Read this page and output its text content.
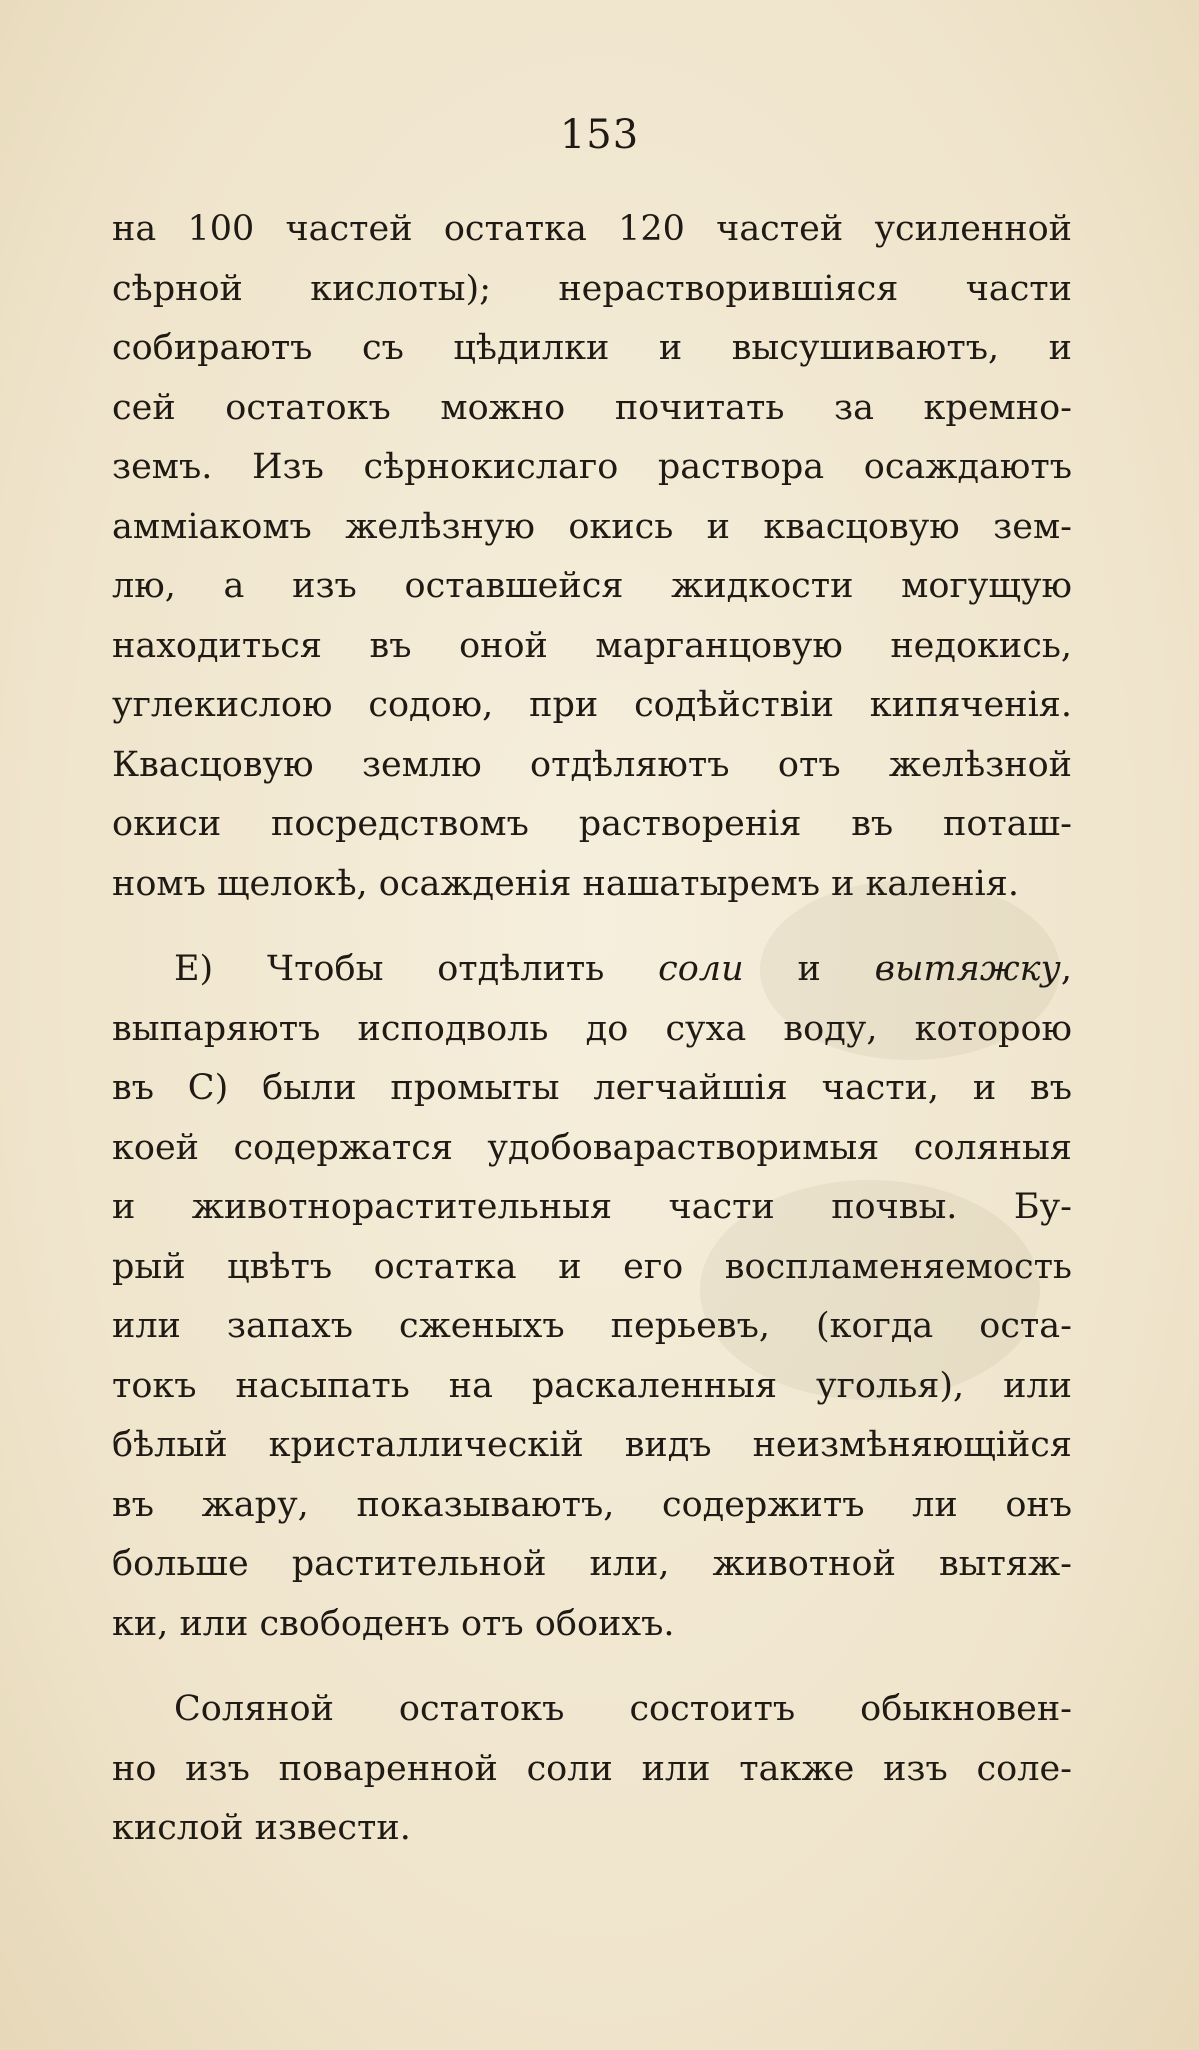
153
на 100 частей остатка 120 частей усиленной
сѣрной кислоты); нерастворившіяся части
собираютъ съ цѣдилки и высушиваютъ, и
сей остатокъ можно почитать за кремно-
земъ. Изъ сѣрнокислаго раствора осаждаютъ
амміакомъ желѣзную окись и квасцовую зем-
лю, а изъ оставшейся жидкости могущую
находиться въ оной марганцовую недокись,
углекислою содою, при содѣйствіи кипяченія.
Квасцовую землю отдѣляютъ отъ желѣзной
окиси посредствомъ растворенія въ поташ-
номъ щелокѣ, осажденія нашатыремъ и каленія.
E) Чтобы отдѣлить соли и вытяжку,
выпаряютъ исподволь до суха воду, которою
въ C) были промыты легчайшія части, и въ
коей содержатся удобоварастворимыя соляныя
и животнорастительныя части почвы. Бу-
рый цвѣтъ остатка и его воспламеняемость
или запахъ сженыхъ перьевъ, (когда оста-
токъ насыпать на раскаленныя уголья), или
бѣлый кристаллическій видъ неизмѣняющійся
въ жару, показываютъ, содержитъ ли онъ
больше растительной или, животной вытяж-
ки, или свободенъ отъ обоихъ.
Соляной остатокъ состоитъ обыкновен-
но изъ поваренной соли или также изъ соле-
кислой извести.
